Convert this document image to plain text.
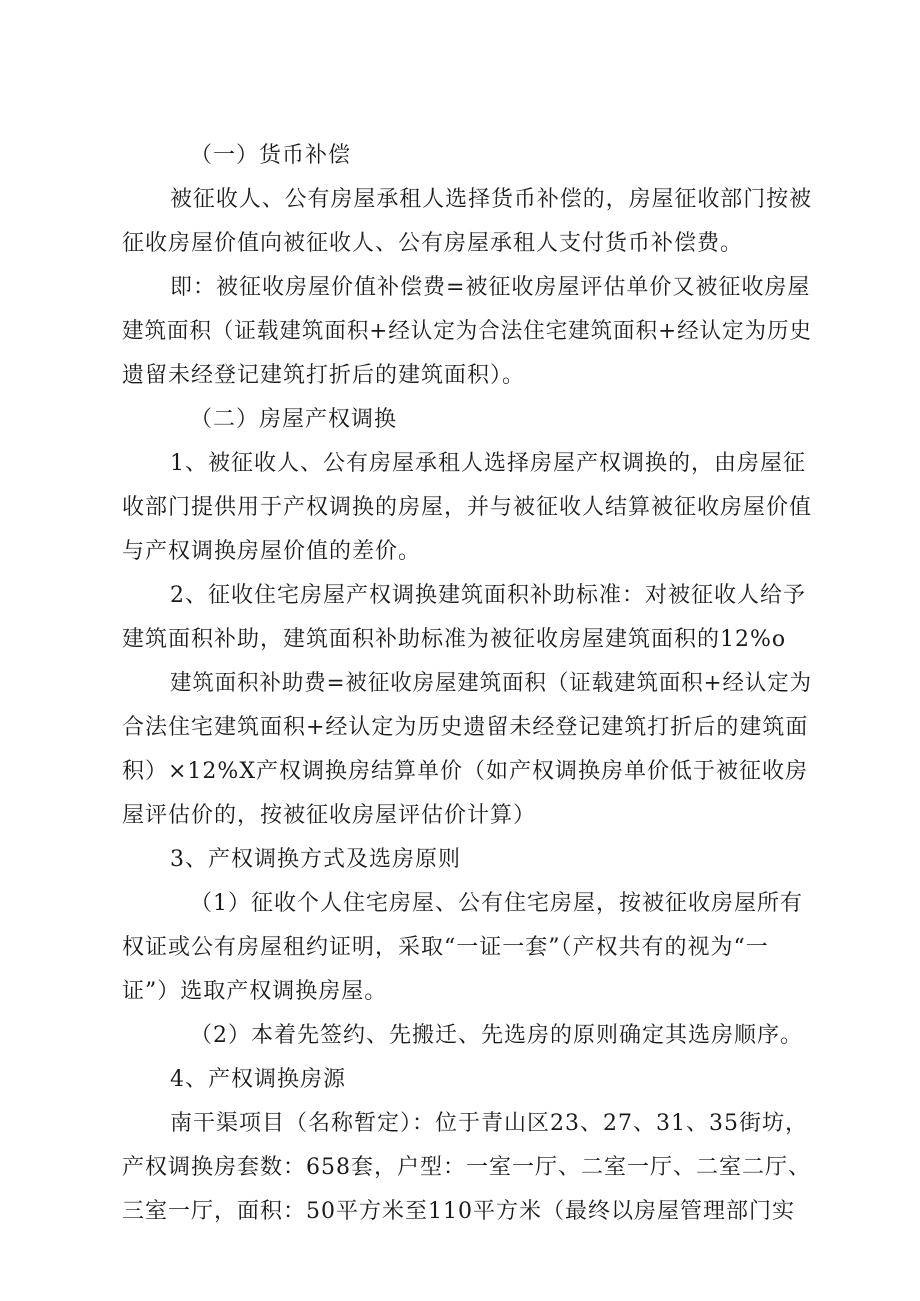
（一）货币补偿
被征收人、公有房屋承租人选择货币补偿的，房屋征收部门按被
征收房屋价值向被征收人、公有房屋承租人支付货币补偿费。
即：被征收房屋价值补偿费=被征收房屋评估单价又被征收房屋
建筑面积（证载建筑面积+经认定为合法住宅建筑面积+经认定为历史
遗留未经登记建筑打折后的建筑面积）。
（二）房屋产权调换
1、被征收人、公有房屋承租人选择房屋产权调换的，由房屋征
收部门提供用于产权调换的房屋，并与被征收人结算被征收房屋价值
与产权调换房屋价值的差价。
2、征收住宅房屋产权调换建筑面积补助标准：对被征收人给予
建筑面积补助，建筑面积补助标准为被征收房屋建筑面积的12%o
建筑面积补助费=被征收房屋建筑面积（证载建筑面积+经认定为
合法住宅建筑面积+经认定为历史遗留未经登记建筑打折后的建筑面
积）×12%X产权调换房结算单价（如产权调换房单价低于被征收房
屋评估价的，按被征收房屋评估价计算）
3、产权调换方式及选房原则
（1）征收个人住宅房屋、公有住宅房屋，按被征收房屋所有
权证或公有房屋租约证明，采取“一证一套”（产权共有的视为“一
证”）选取产权调换房屋。
（2）本着先签约、先搬迁、先选房的原则确定其选房顺序。
4、产权调换房源
南干渠项目（名称暂定）：位于青山区23、27、31、35街坊，
产权调换房套数：658套，户型：一室一厅、二室一厅、二室二厅、
三室一厅，面积：50平方米至110平方米（最终以房屋管理部门实
